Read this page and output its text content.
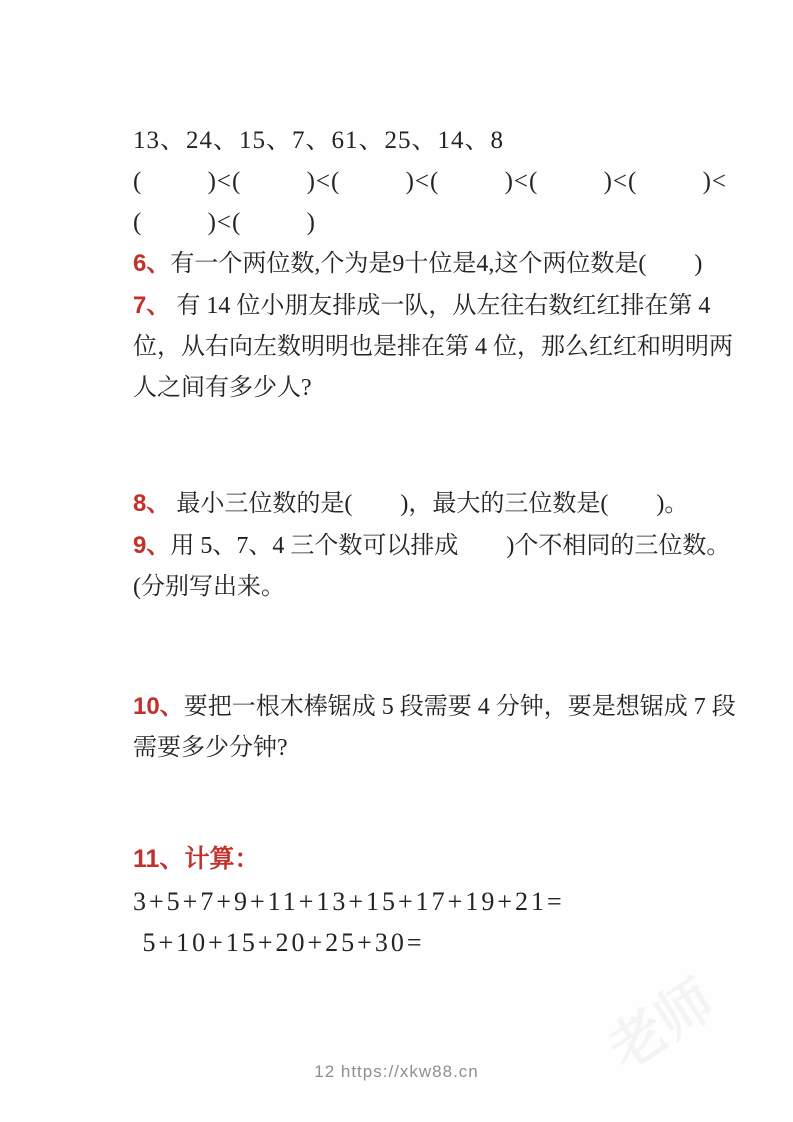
13、24、15、7、61、25、14、8
(         )<(         )<(         )<(         )<(         )<(         )<
(         )<(         )
6、有一个两位数,个为是9十位是4,这个两位数是(        )
7、 有 14 位小朋友排成一队，从左往右数红红排在第 4
位，从右向左数明明也是排在第 4 位，那么红红和明明两
人之间有多少人?
8、 最小三位数的是(        )，最大的三位数是(        )。
9、用 5、7、4 三个数可以排成        )个不相同的三位数。
(分别写出来。
10、要把一根木棒锯成 5 段需要 4 分钟，要是想锯成 7 段
需要多少分钟?
11、计算：
3+5+7+9+11+13+15+17+19+21=
5+10+15+20+25+30=
老师
12 https://xkw88.cn
